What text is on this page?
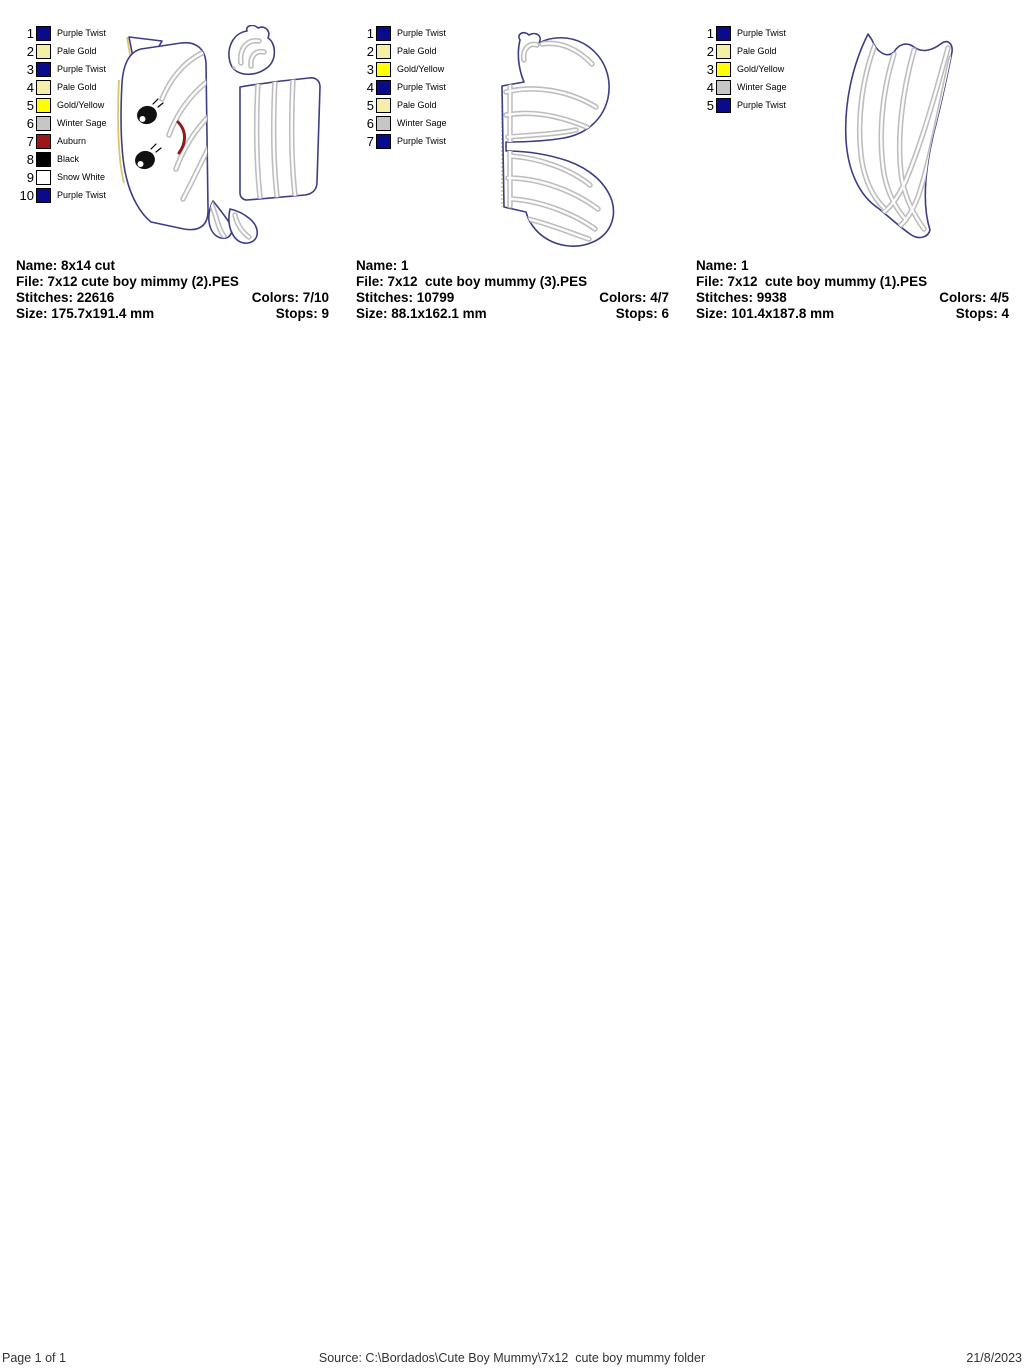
1	Purple Twist
2	Pale Gold
3	Purple Twist
4	Pale Gold
5	Gold/Yellow
6	Winter Sage
7	Auburn
8	Black
9	Snow White
10	Purple Twist
Name: 8x14 cut
File: 7x12 cute boy mimmy (2).PES
Stitches: 22616	Colors: 7/10
Size: 175.7x191.4 mm	Stops: 9
1	Purple Twist
2	Pale Gold
3	Gold/Yellow
4	Purple Twist
5	Pale Gold
6	Winter Sage
7	Purple Twist
Name: 1
File: 7x12  cute boy mummy (3).PES
Stitches: 10799	Colors: 4/7
Size: 88.1x162.1 mm	Stops: 6
1	Purple Twist
2	Pale Gold
3	Gold/Yellow
4	Winter Sage
5	Purple Twist
Name: 1
File: 7x12  cute boy mummy (1).PES
Stitches: 9938	Colors: 4/5
Size: 101.4x187.8 mm	Stops: 4
Page 1 of 1	Source: C:\Bordados\Cute Boy Mummy\7x12  cute boy mummy folder	21/8/2023
